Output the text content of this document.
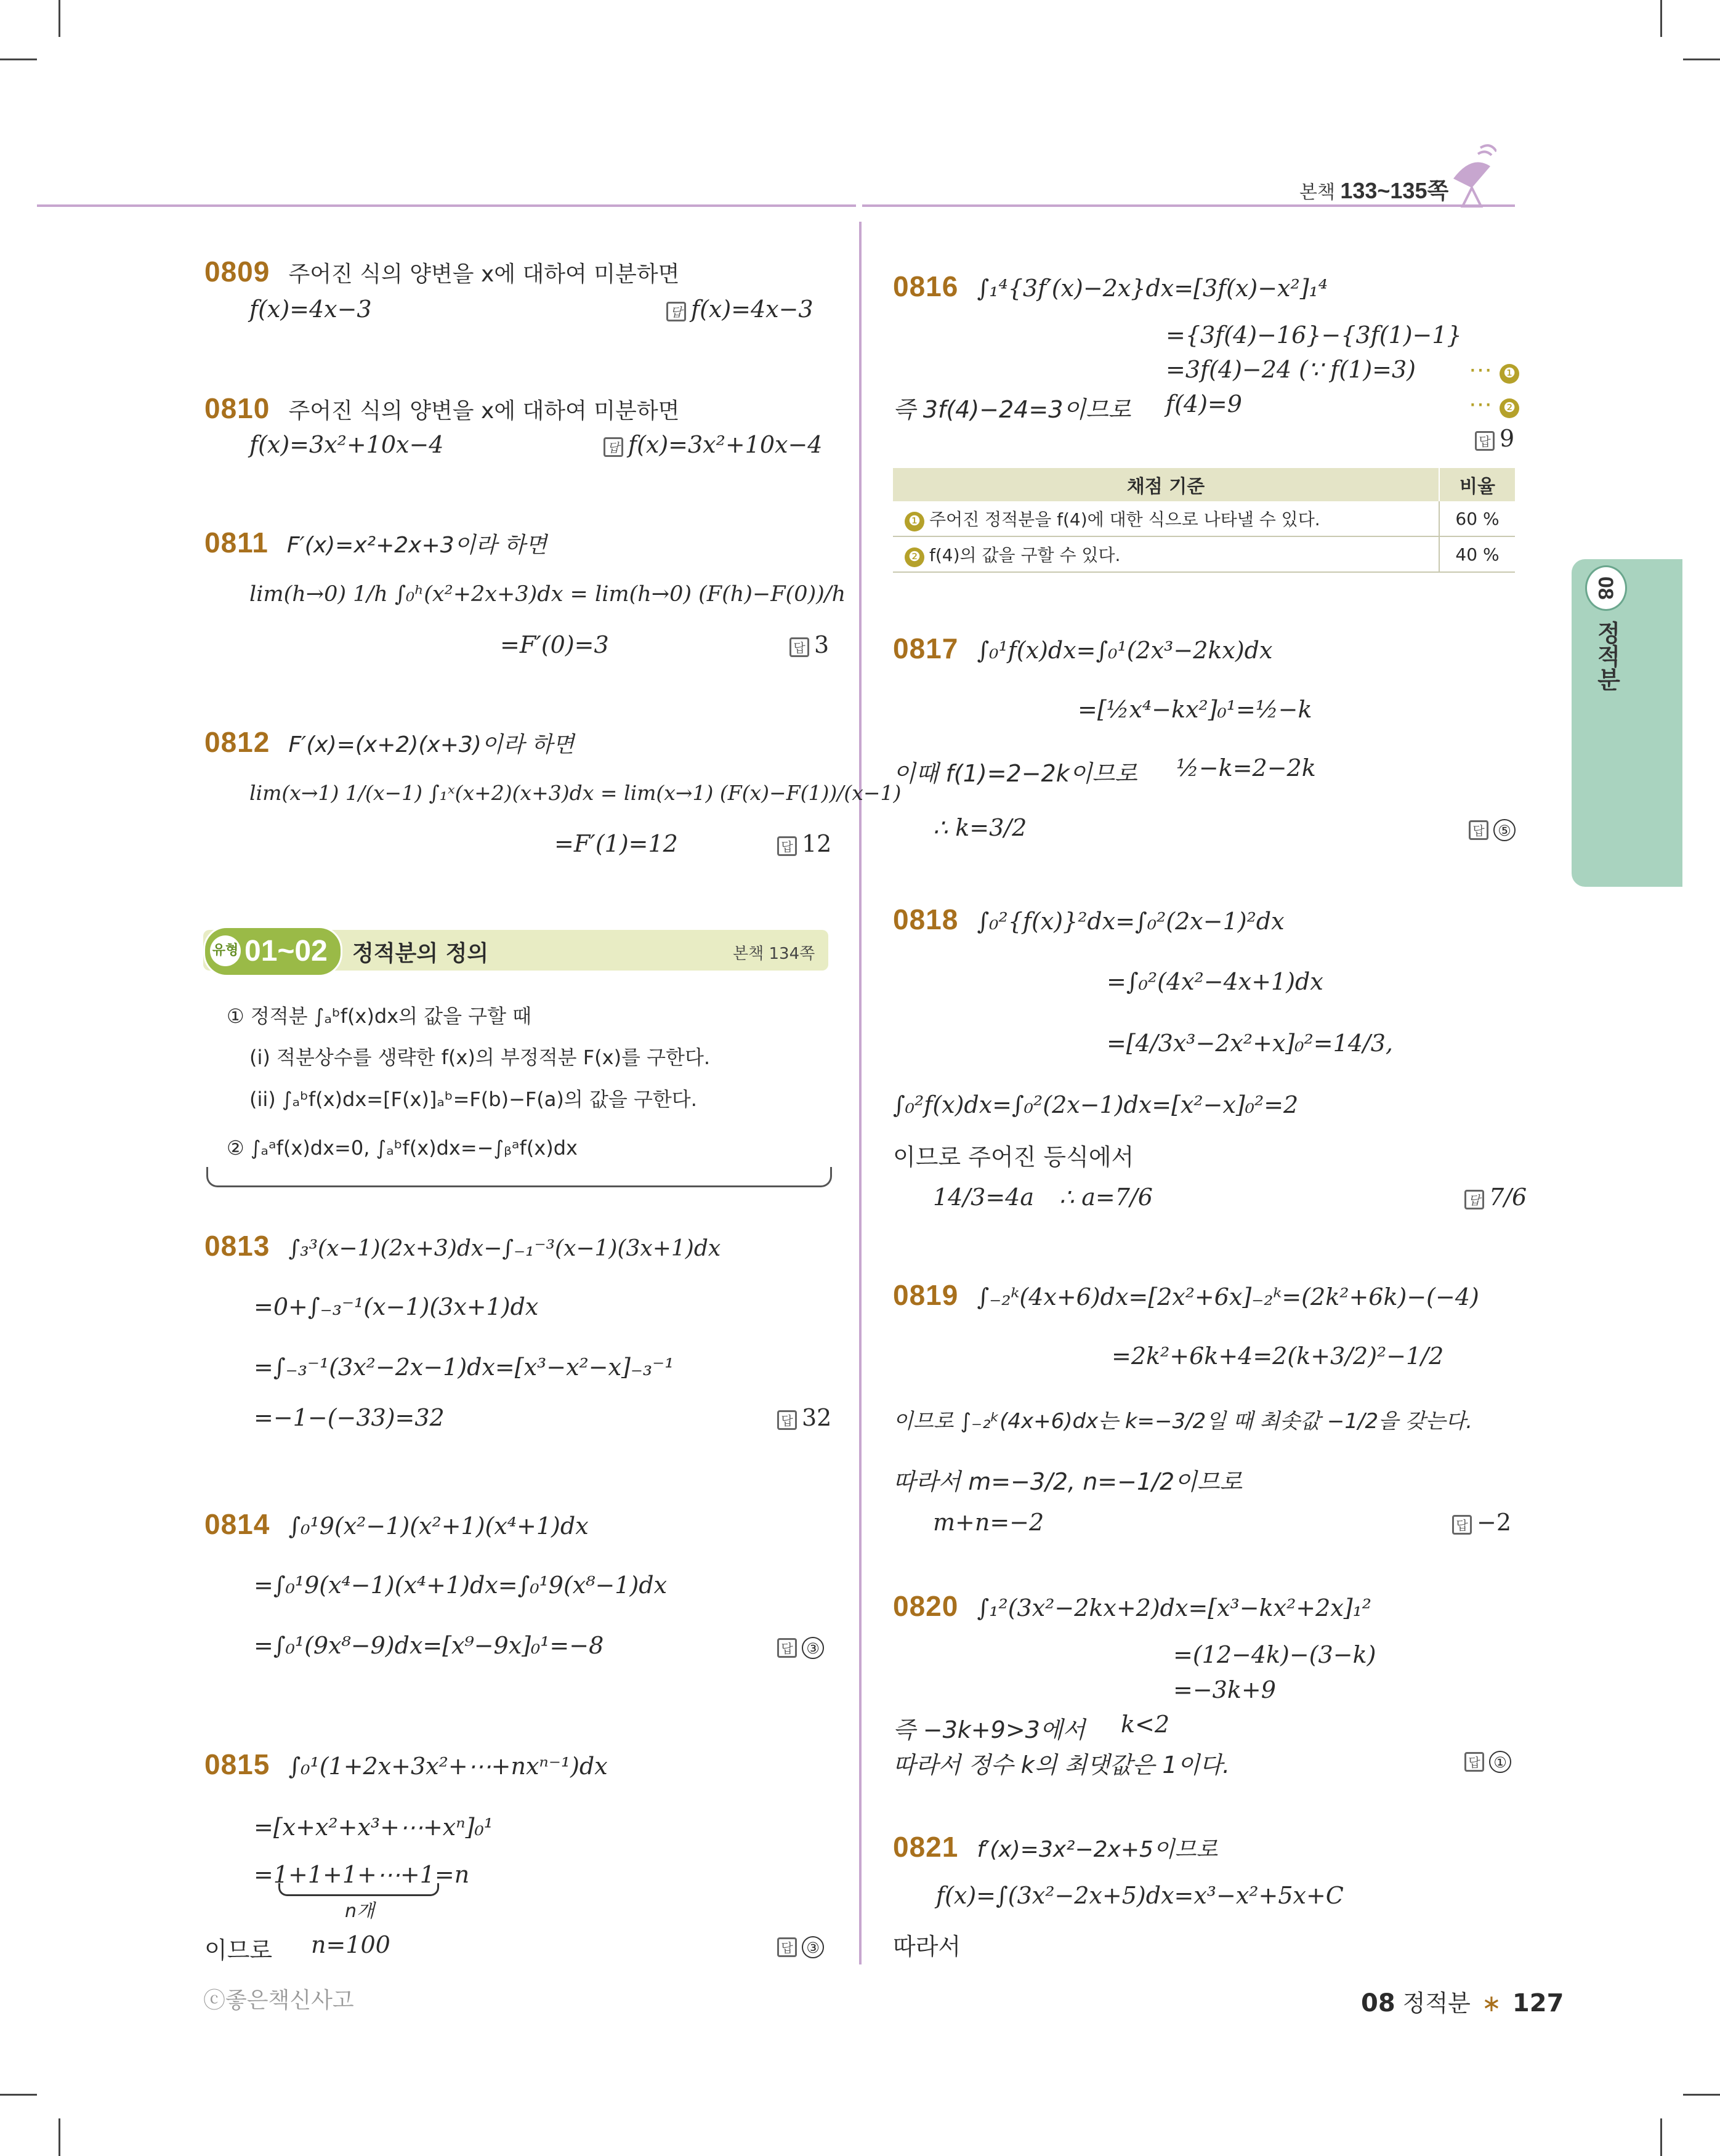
본책 133~135쪽
0809 주어진 식의 양변을 x에 대하여 미분하면
f(x)=4x−3	답 f(x)=4x−3
0810 주어진 식의 양변을 x에 대하여 미분하면
f(x)=3x²+10x−4	답 f(x)=3x²+10x−4
0811 F′(x)=x²+2x+3이라 하면
lim(h→0) 1/h ∫₀ʰ(x²+2x+3)dx = lim(h→0) (F(h)−F(0))/h
=F′(0)=3	답 3
0812 F′(x)=(x+2)(x+3)이라 하면
lim(x→1) 1/(x−1) ∫₁ˣ(x+2)(x+3)dx = lim(x→1) (F(x)−F(1))/(x−1)
=F′(1)=12	답 12
유형 01~02 정적분의 정의	본책 134쪽
① 정적분 ∫ₐᵇf(x)dx의 값을 구할 때
(i) 적분상수를 생략한 f(x)의 부정적분 F(x)를 구한다.
(ii) ∫ₐᵇf(x)dx=[F(x)]ₐᵇ=F(b)−F(a)의 값을 구한다.
② ∫ₐᵃf(x)dx=0, ∫ₐᵇf(x)dx=−∫ᵦᵃf(x)dx
0813 ∫₃³(x−1)(2x+3)dx−∫₋₁⁻³(x−1)(3x+1)dx
=0+∫₋₃⁻¹(x−1)(3x+1)dx
=∫₋₃⁻¹(3x²−2x−1)dx=[x³−x²−x]₋₃⁻¹
=−1−(−33)=32	답 32
0814 ∫₀¹9(x²−1)(x²+1)(x⁴+1)dx
=∫₀¹9(x⁴−1)(x⁴+1)dx=∫₀¹9(x⁸−1)dx
=∫₀¹(9x⁸−9)dx=[x⁹−9x]₀¹=−8	답 ③
0815 ∫₀¹(1+2x+3x²+⋯+nxⁿ⁻¹)dx
=[x+x²+x³+⋯+xⁿ]₀¹
=1+1+1+⋯+1=n
n개
이므로 n=100	답 ③
0816 ∫₁⁴{3f′(x)−2x}dx=[3f(x)−x²]₁⁴
={3f(4)−16}−{3f(1)−1}
=3f(4)−24 (∵ f(1)=3) ⋯ ❶
즉 3f(4)−24=3이므로 f(4)=9	⋯ ❷
답 9
채점 기준	비율
❶ 주어진 정적분을 f(4)에 대한 식으로 나타낼 수 있다.	60 %
❷ f(4)의 값을 구할 수 있다.	40 %
0817 ∫₀¹f(x)dx=∫₀¹(2x³−2kx)dx
=[½x⁴−kx²]₀¹=½−k
이때 f(1)=2−2k이므로 ½−k=2−2k
∴ k=3/2	답 ⑤
0818 ∫₀²{f(x)}²dx=∫₀²(2x−1)²dx
=∫₀²(4x²−4x+1)dx
=[4/3x³−2x²+x]₀²=14/3,
∫₀²f(x)dx=∫₀²(2x−1)dx=[x²−x]₀²=2
이므로 주어진 등식에서
14/3=4a ∴ a=7/6	답 7/6
0819 ∫₋₂ᵏ(4x+6)dx=[2x²+6x]₋₂ᵏ=(2k²+6k)−(−4)
=2k²+6k+4=2(k+3/2)²−1/2
이므로 ∫₋₂ᵏ(4x+6)dx는 k=−3/2일 때 최솟값 −1/2을 갖는다.
따라서 m=−3/2, n=−1/2이므로
m+n=−2	답 −2
0820 ∫₁²(3x²−2kx+2)dx=[x³−kx²+2x]₁²
=(12−4k)−(3−k)
=−3k+9
즉 −3k+9>3에서 k<2
따라서 정수 k의 최댓값은 1이다.	답 ①
0821 f′(x)=3x²−2x+5이므로
f(x)=∫(3x²−2x+5)dx=x³−x²+5x+C
따라서
08
정적분
ⓒ좋은책신사고	08 정적분 ∗ 127
